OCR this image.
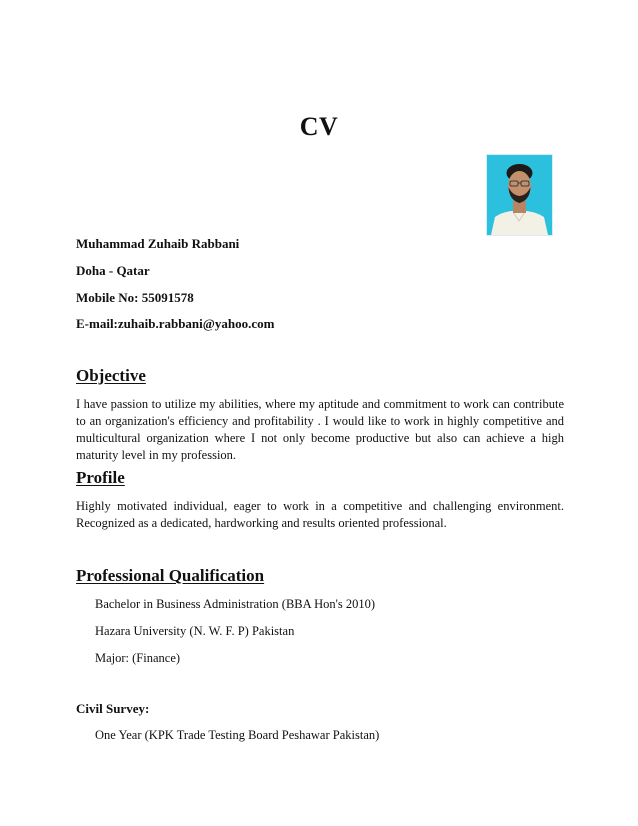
CV
Muhammad Zuhaib Rabbani
Doha - Qatar
Mobile No: 55091578
E-mail:zuhaib.rabbani@yahoo.com
Objective
I have passion to utilize my abilities, where my aptitude and commitment to work can contribute to an organization's efficiency and profitability . I would like to work in highly competitive and multicultural organization where I not only become productive but also can achieve a high maturity level in my profession.
Profile
Highly motivated individual, eager to work in a competitive and challenging environment. Recognized as a dedicated, hardworking and results oriented professional.
Professional Qualification
Bachelor in Business Administration (BBA Hon's 2010)
Hazara University (N. W. F. P) Pakistan
Major: (Finance)
Civil Survey:
One Year (KPK Trade Testing Board Peshawar Pakistan)
